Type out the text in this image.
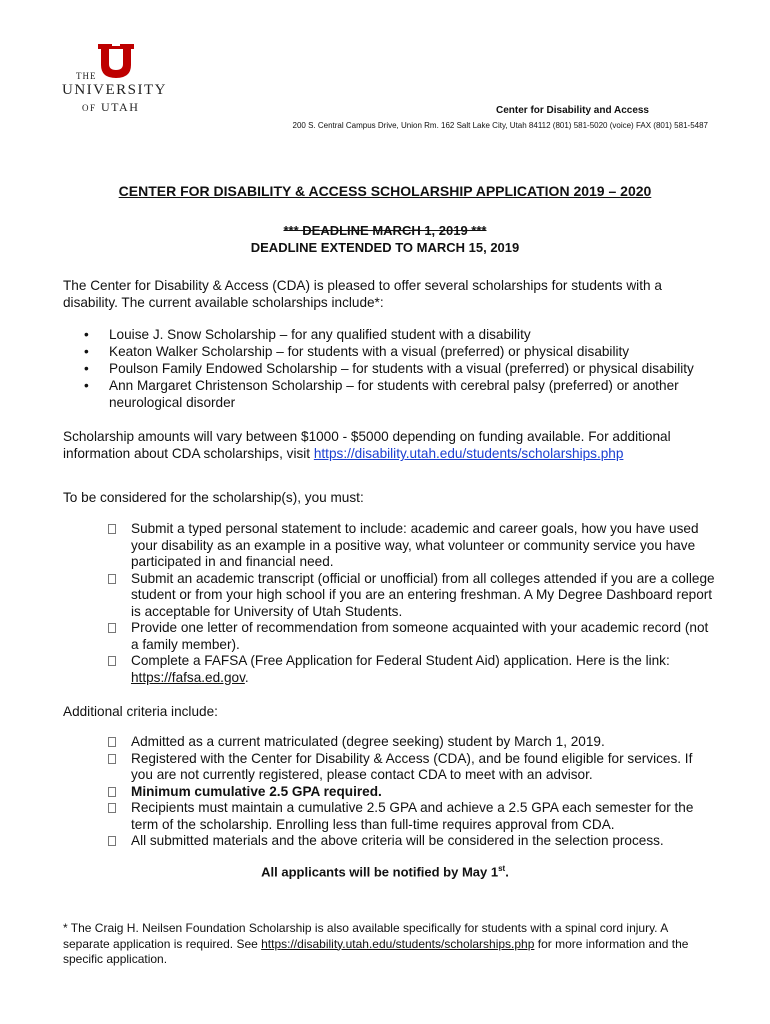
THE
UNIVERSITY
OF UTAH	Center for Disability and Access
200 S. Central Campus Drive, Union Rm. 162 Salt Lake City, Utah 84112 (801) 581-5020 (voice) FAX (801) 581-5487
CENTER FOR DISABILITY & ACCESS SCHOLARSHIP APPLICATION 2019 – 2020
*** DEADLINE MARCH 1, 2019 ***
DEADLINE EXTENDED TO MARCH 15, 2019
The Center for Disability & Access (CDA) is pleased to offer several scholarships for students with a disability. The current available scholarships include*:
• Louise J. Snow Scholarship – for any qualified student with a disability
• Keaton Walker Scholarship – for students with a visual (preferred) or physical disability
• Poulson Family Endowed Scholarship – for students with a visual (preferred) or physical disability
• Ann Margaret Christenson Scholarship – for students with cerebral palsy (preferred) or another neurological disorder
Scholarship amounts will vary between $1000 - $5000 depending on funding available. For additional information about CDA scholarships, visit https://disability.utah.edu/students/scholarships.php
To be considered for the scholarship(s), you must:
Submit a typed personal statement to include: academic and career goals, how you have used your disability as an example in a positive way, what volunteer or community service you have participated in and financial need.
Submit an academic transcript (official or unofficial) from all colleges attended if you are a college student or from your high school if you are an entering freshman. A My Degree Dashboard report is acceptable for University of Utah Students.
Provide one letter of recommendation from someone acquainted with your academic record (not a family member).
Complete a FAFSA (Free Application for Federal Student Aid) application. Here is the link: https://fafsa.ed.gov.
Additional criteria include:
Admitted as a current matriculated (degree seeking) student by March 1, 2019.
Registered with the Center for Disability & Access (CDA), and be found eligible for services. If you are not currently registered, please contact CDA to meet with an advisor.
Minimum cumulative 2.5 GPA required.
Recipients must maintain a cumulative 2.5 GPA and achieve a 2.5 GPA each semester for the term of the scholarship. Enrolling less than full-time requires approval from CDA.
All submitted materials and the above criteria will be considered in the selection process.
All applicants will be notified by May 1st.
* The Craig H. Neilsen Foundation Scholarship is also available specifically for students with a spinal cord injury. A separate application is required. See https://disability.utah.edu/students/scholarships.php for more information and the specific application.
